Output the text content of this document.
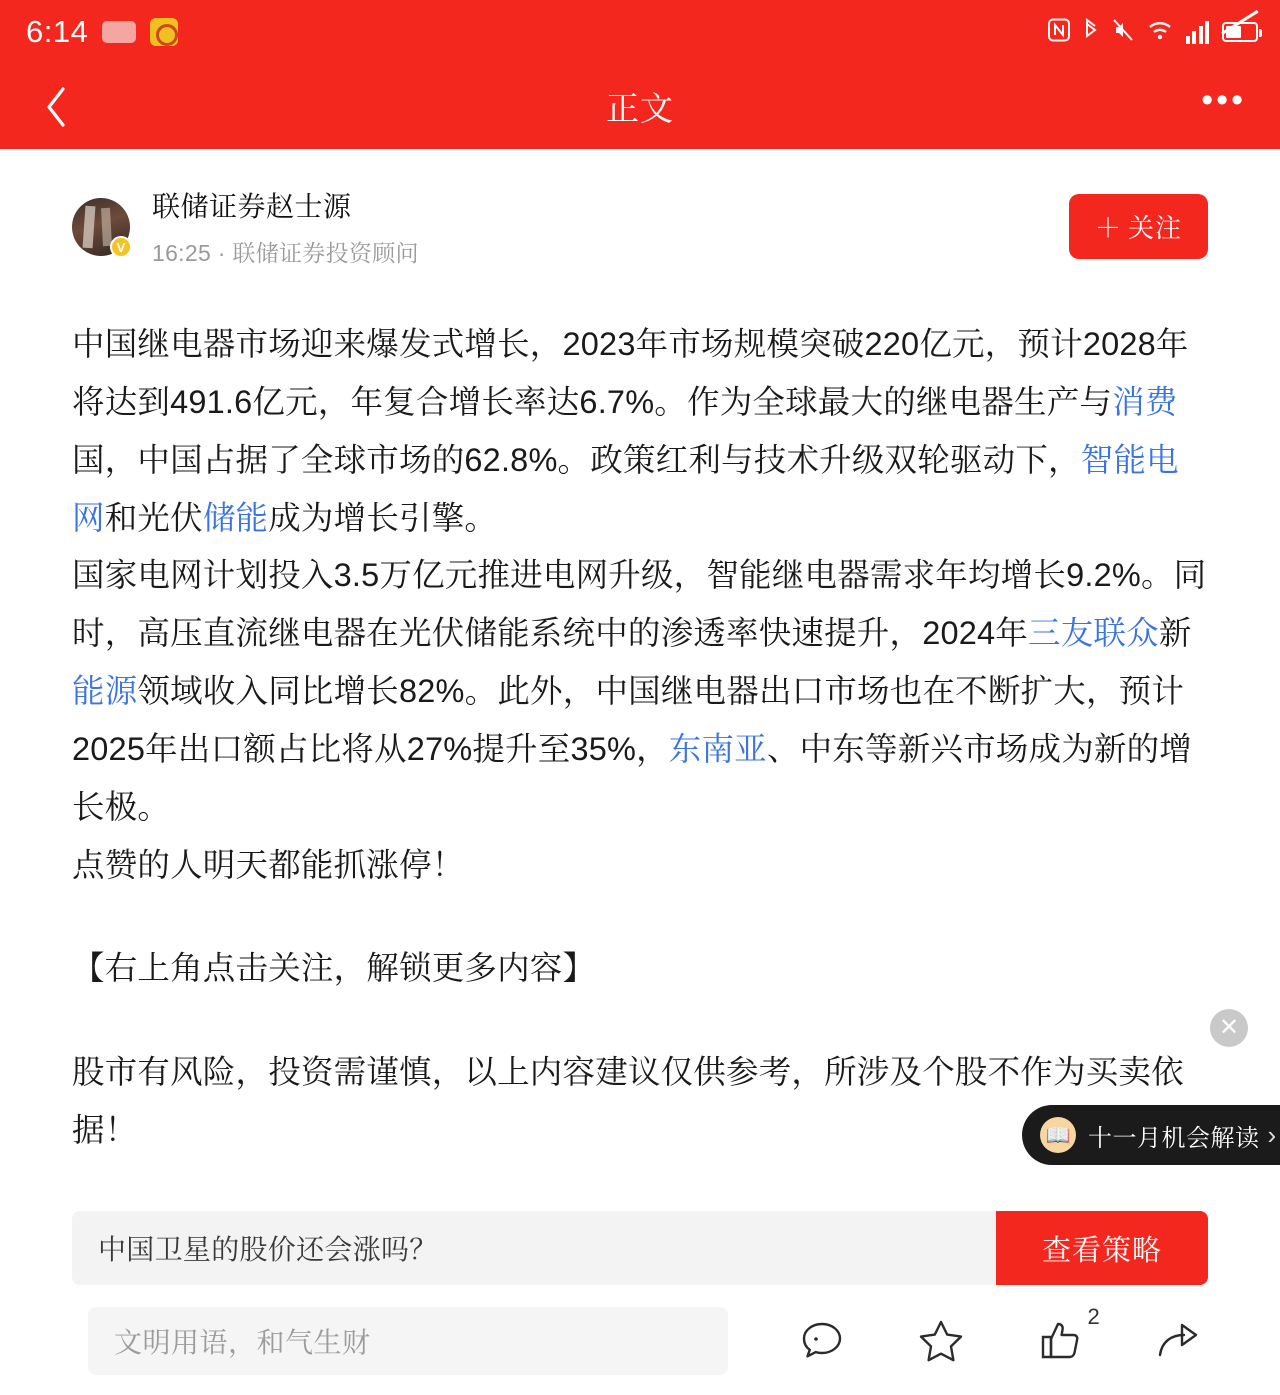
6:14
正文	•••
V
联储证券赵士源
16:25 · 联储证券投资顾问
＋ 关注

中国继电器市场迎来爆发式增长，2023年市场规模突破220亿元，预计2028年将达到491.6亿元，年复合增长率达6.7%。作为全球最大的继电器生产与消费国，中国占据了全球市场的62.8%。政策红利与技术升级双轮驱动下，智能电网和光伏储能成为增长引擎。

国家电网计划投入3.5万亿元推进电网升级，智能继电器需求年均增长9.2%。同时，高压直流继电器在光伏储能系统中的渗透率快速提升，2024年三友联众新能源领域收入同比增长82%。此外，中国继电器出口市场也在不断扩大，预计2025年出口额占比将从27%提升至35%，东南亚、中东等新兴市场成为新的增长极。

点赞的人明天都能抓涨停！

【右上角点击关注，解锁更多内容】

股市有风险，投资需谨慎，以上内容建议仅供参考，所涉及个股不作为买卖依据！

✕
📖 十一月机会解读 ›
中国卫星的股价还会涨吗？	查看策略
文明用语，和气生财
2
